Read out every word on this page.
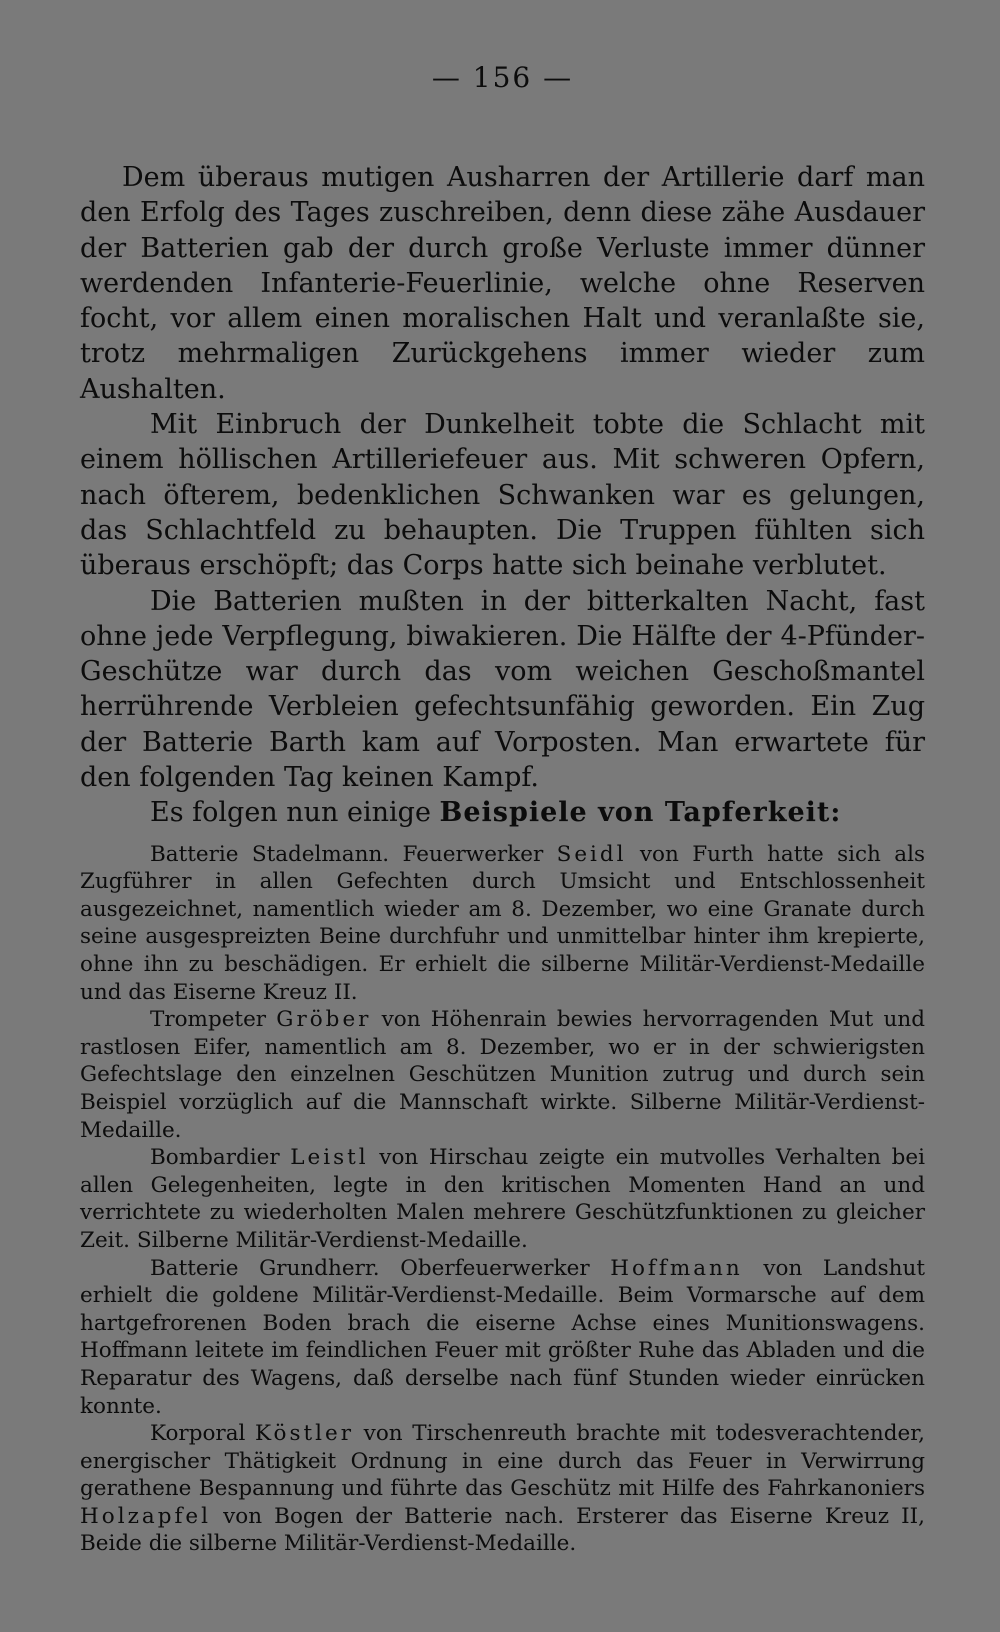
— 156 —

Dem überaus mutigen Ausharren der Artillerie darf man den Erfolg des Tages zuschreiben, denn diese zähe Ausdauer der Batterien gab der durch große Verluste immer dünner werdenden Infanterie-Feuerlinie, welche ohne Reserven focht, vor allem einen moralischen Halt und veranlaßte sie, trotz mehrmaligen Zurückgehens immer wieder zum Aushalten.

Mit Einbruch der Dunkelheit tobte die Schlacht mit einem höllischen Artilleriefeuer aus. Mit schweren Opfern, nach öfterem, bedenklichen Schwanken war es gelungen, das Schlachtfeld zu behaupten. Die Truppen fühlten sich überaus erschöpft; das Corps hatte sich beinahe verblutet.

Die Batterien mußten in der bitterkalten Nacht, fast ohne jede Verpflegung, biwakieren. Die Hälfte der 4-Pfünder-Geschütze war durch das vom weichen Geschoßmantel herrührende Verbleien gefechtsunfähig geworden. Ein Zug der Batterie Barth kam auf Vorposten. Man erwartete für den folgenden Tag keinen Kampf.

Es folgen nun einige Beispiele von Tapferkeit:

Batterie Stadelmann. Feuerwerker Seidl von Furth hatte sich als Zugführer in allen Gefechten durch Umsicht und Entschlossenheit ausgezeichnet, namentlich wieder am 8. Dezember, wo eine Granate durch seine ausgespreizten Beine durchfuhr und unmittelbar hinter ihm krepierte, ohne ihn zu beschädigen. Er erhielt die silberne Militär-Verdienst-Medaille und das Eiserne Kreuz II.

Trompeter Gröber von Höhenrain bewies hervorragenden Mut und rastlosen Eifer, namentlich am 8. Dezember, wo er in der schwierigsten Gefechtslage den einzelnen Geschützen Munition zutrug und durch sein Beispiel vorzüglich auf die Mannschaft wirkte. Silberne Militär-Verdienst-Medaille.

Bombardier Leistl von Hirschau zeigte ein mutvolles Verhalten bei allen Gelegenheiten, legte in den kritischen Momenten Hand an und verrichtete zu wiederholten Malen mehrere Geschützfunktionen zu gleicher Zeit. Silberne Militär-Verdienst-Medaille.

Batterie Grundherr. Oberfeuerwerker Hoffmann von Landshut erhielt die goldene Militär-Verdienst-Medaille. Beim Vormarsche auf dem hartgefrorenen Boden brach die eiserne Achse eines Munitionswagens. Hoffmann leitete im feindlichen Feuer mit größter Ruhe das Abladen und die Reparatur des Wagens, daß derselbe nach fünf Stunden wieder einrücken konnte.

Korporal Köstler von Tirschenreuth brachte mit todesverachtender, energischer Thätigkeit Ordnung in eine durch das Feuer in Verwirrung gerathene Bespannung und führte das Geschütz mit Hilfe des Fahrkanoniers Holzapfel von Bogen der Batterie nach. Ersterer das Eiserne Kreuz II, Beide die silberne Militär-Verdienst-Medaille.
